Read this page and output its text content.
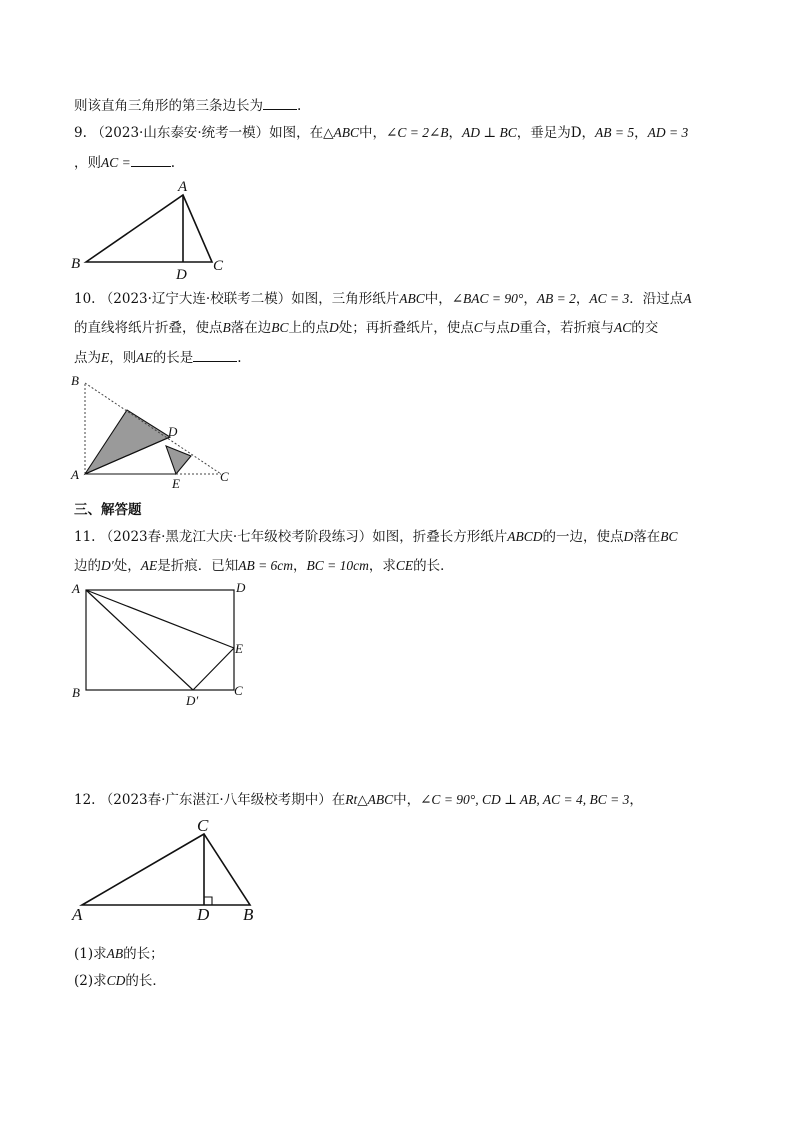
则该直角三角形的第三条边长为	.
9. （2023·山东泰安·统考一模）如图，在△ABC中，∠C = 2∠B，AD ⊥ BC，垂足为D，AB = 5，AD = 3
，则AC =	.
A
B
D
C
B
D
A
E	C
A	D
E
B
D′
C
C
A	D B
10. （2023·辽宁大连·校联考二模）如图，三角形纸片ABC中，∠BAC = 90°，AB = 2，AC = 3．沿过点A
的直线将纸片折叠，使点B落在边BC上的点D处；再折叠纸片，使点C与点D重合，若折痕与AC的交
点为E，则AE的长是	.
三、解答题
11. （2023春·黑龙江大庆·七年级校考阶段练习）如图，折叠长方形纸片ABCD的一边，使点D落在BC
边的D′处，AE是折痕．已知AB = 6cm，BC = 10cm，求CE的长．
12. （2023春·广东湛江·八年级校考期中）在Rt△ABC中，∠C = 90°, CD ⊥ AB, AC = 4, BC = 3，
(1)求AB的长；
(2)求CD的长．
